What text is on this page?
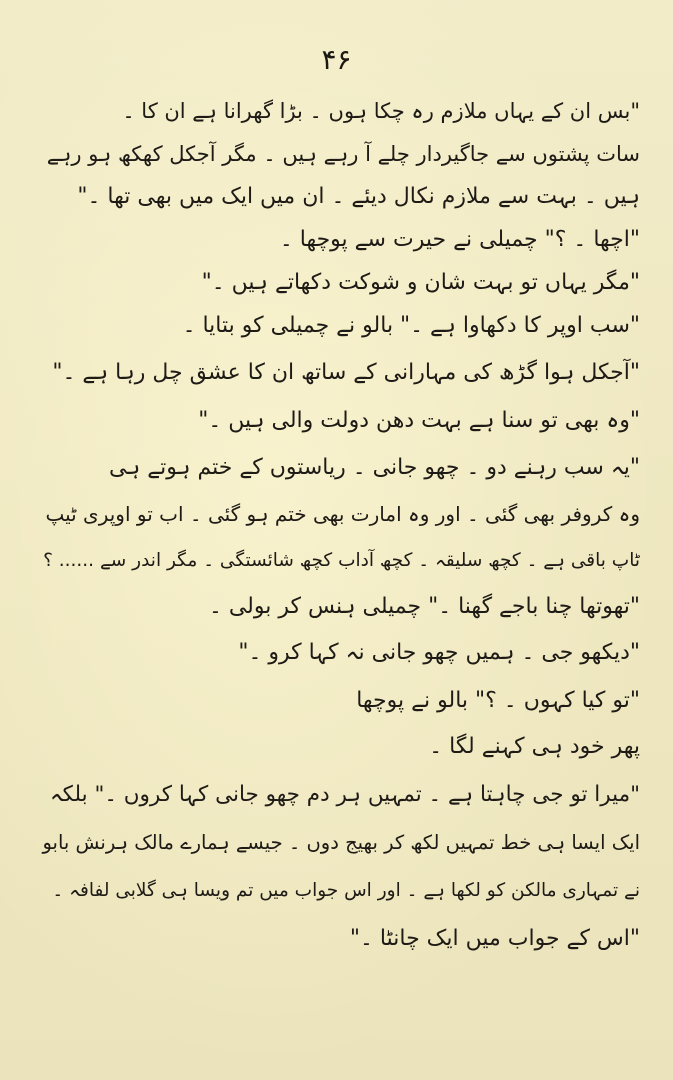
۴۶
"بس ان کے یہاں ملازم رہ چکا ہوں ۔ بڑا گھرانا ہے ان کا ۔
سات پشتوں سے جاگیردار چلے آ رہے ہیں ۔ مگر آجکل کھکھ ہو رہے
ہیں ۔ بہت سے ملازم نکال دیئے ۔ ان میں ایک میں بھی تھا ۔"
"اچھا ۔ ؟" چمیلی نے حیرت سے پوچھا ۔
"مگر یہاں تو بہت شان و شوکت دکھاتے ہیں ۔"
"سب اوپر کا دکھاوا ہے ۔" بالو نے چمیلی کو بتایا ۔
"آجکل ہوا گڑھ کی مہارانی کے ساتھ ان کا عشق چل رہا ہے ۔"
"وہ بھی تو سنا ہے بہت دھن دولت والی ہیں ۔"
"یہ سب رہنے دو ۔ چھو جانی ۔ ریاستوں کے ختم ہوتے ہی
وہ کروفر بھی گئی ۔ اور وہ امارت بھی ختم ہو گئی ۔ اب تو اوپری ٹیپ
ٹاپ باقی ہے ۔ کچھ سلیقہ ۔ کچھ آداب کچھ شائستگی ۔ مگر اندر سے ...... ؟
"تھوتھا چنا باجے گھنا ۔" چمیلی ہنس کر بولی ۔
"دیکھو جی ۔ ہمیں چھو جانی نہ کہا کرو ۔"
"تو کیا کہوں ۔ ؟" بالو نے پوچھا
پھر خود ہی کہنے لگا ۔
"میرا تو جی چاہتا ہے ۔ تمہیں ہر دم چھو جانی کہا کروں ۔" بلکہ
ایک ایسا ہی خط تمہیں لکھ کر بھیج دوں ۔ جیسے ہمارے مالک ہرنش بابو
نے تمہاری مالکن کو لکھا ہے ۔ اور اس جواب میں تم ویسا ہی گلابی لفافہ ۔
"اس کے جواب میں ایک چانٹا ۔"
